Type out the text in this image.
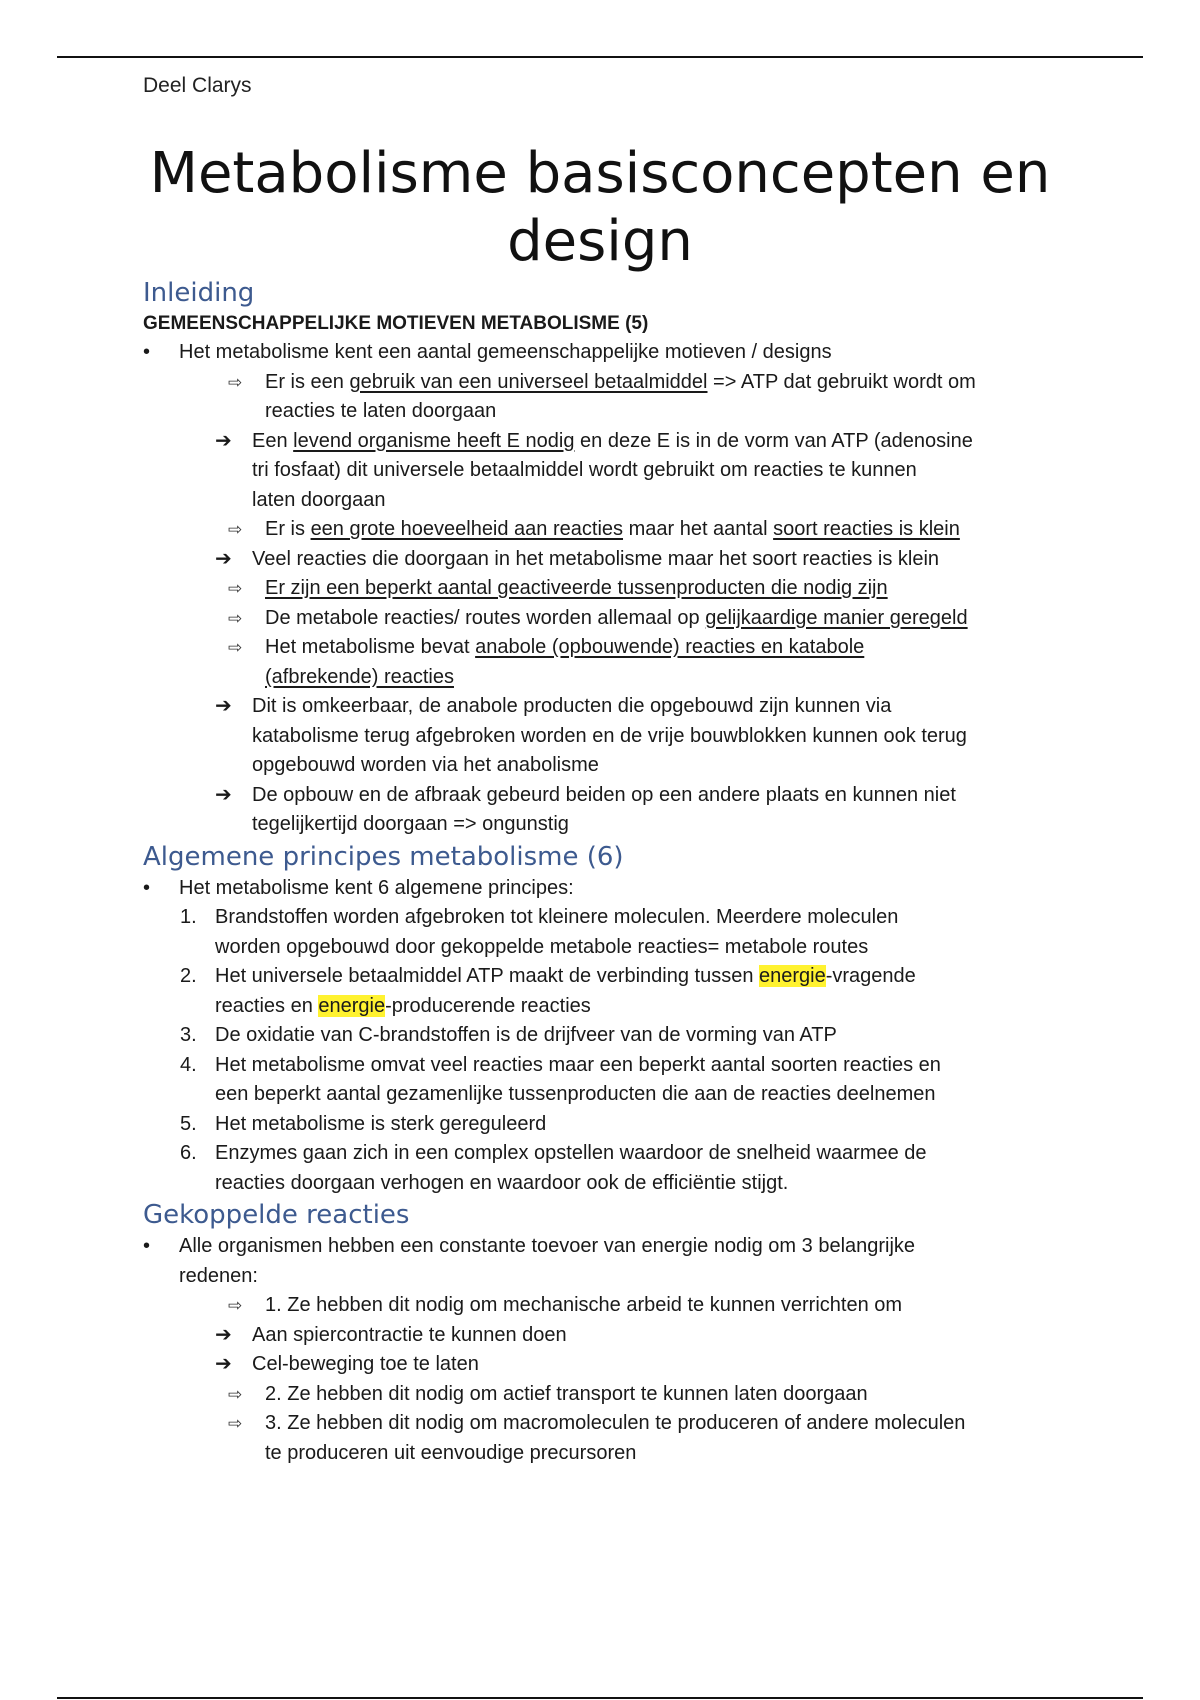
Deel Clarys
Metabolisme basisconcepten en design
Inleiding
GEMEENSCHAPPELIJKE MOTIEVEN METABOLISME (5)
• Het metabolisme kent een aantal gemeenschappelijke motieven / designs
⇨ Er is een gebruik van een universeel betaalmiddel => ATP dat gebruikt wordt om
reacties te laten doorgaan
➔ Een levend organisme heeft E nodig en deze E is in de vorm van ATP (adenosine
tri fosfaat) dit universele betaalmiddel wordt gebruikt om reacties te kunnen
laten doorgaan
⇨ Er is een grote hoeveelheid aan reacties maar het aantal soort reacties is klein
➔ Veel reacties die doorgaan in het metabolisme maar het soort reacties is klein
⇨ Er zijn een beperkt aantal geactiveerde tussenproducten die nodig zijn
⇨ De metabole reacties/ routes worden allemaal op gelijkaardige manier geregeld
⇨ Het metabolisme bevat anabole (opbouwende) reacties en katabole
(afbrekende) reacties
➔ Dit is omkeerbaar, de anabole producten die opgebouwd zijn kunnen via
katabolisme terug afgebroken worden en de vrije bouwblokken kunnen ook terug
opgebouwd worden via het anabolisme
➔ De opbouw en de afbraak gebeurd beiden op een andere plaats en kunnen niet
tegelijkertijd doorgaan => ongunstig
Algemene principes metabolisme (6)
• Het metabolisme kent 6 algemene principes:
1. Brandstoffen worden afgebroken tot kleinere moleculen. Meerdere moleculen
worden opgebouwd door gekoppelde metabole reacties= metabole routes
2. Het universele betaalmiddel ATP maakt de verbinding tussen energie-vragende
reacties en energie-producerende reacties
3. De oxidatie van C-brandstoffen is de drijfveer van de vorming van ATP
4. Het metabolisme omvat veel reacties maar een beperkt aantal soorten reacties en
een beperkt aantal gezamenlijke tussenproducten die aan de reacties deelnemen
5. Het metabolisme is sterk gereguleerd
6. Enzymes gaan zich in een complex opstellen waardoor de snelheid waarmee de
reacties doorgaan verhogen en waardoor ook de efficiëntie stijgt.
Gekoppelde reacties
• Alle organismen hebben een constante toevoer van energie nodig om 3 belangrijke
redenen:
⇨ 1. Ze hebben dit nodig om mechanische arbeid te kunnen verrichten om
➔ Aan spiercontractie te kunnen doen
➔ Cel-beweging toe te laten
⇨ 2. Ze hebben dit nodig om actief transport te kunnen laten doorgaan
⇨ 3. Ze hebben dit nodig om macromoleculen te produceren of andere moleculen
te produceren uit eenvoudige precursoren
